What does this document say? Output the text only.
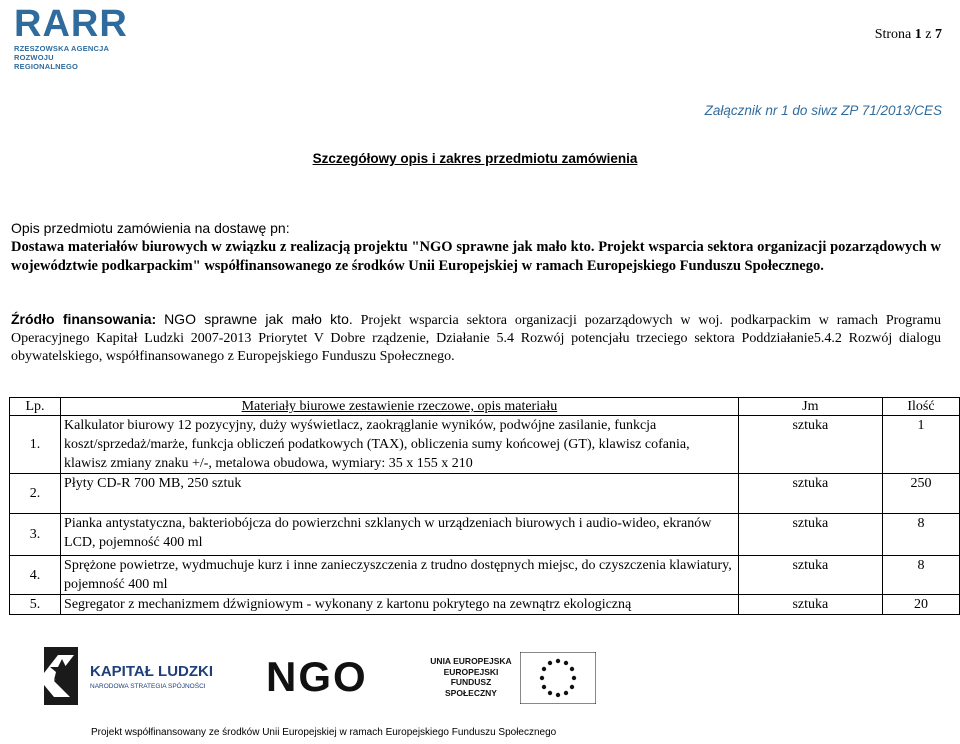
RARR
RZESZOWSKA AGENCJA
ROZWOJU REGIONALNEGO
Strona 1 z 7
Załącznik nr 1 do siwz ZP 71/2013/CES
Szczegółowy opis i zakres przedmiotu zamówienia
Opis przedmiotu zamówienia na dostawę pn:
Dostawa materiałów biurowych w związku z realizacją projektu "NGO sprawne jak mało kto. Projekt wsparcia sektora organizacji pozarządowych w województwie podkarpackim" współfinansowanego ze środków Unii Europejskiej w ramach Europejskiego Funduszu Społecznego.
Źródło finansowania: NGO sprawne jak mało kto. Projekt wsparcia sektora organizacji pozarządowych w woj. podkarpackim w ramach Programu Operacyjnego Kapitał Ludzki 2007-2013 Priorytet V Dobre rządzenie, Działanie 5.4 Rozwój potencjału trzeciego sektora Poddziałanie5.4.2 Rozwój dialogu obywatelskiego, współfinansowanego z Europejskiego Funduszu Społecznego.
Lp.	Materiały biurowe zestawienie rzeczowe, opis materiału	Jm	Ilość
1.	Kalkulator biurowy 12 pozycyjny, duży wyświetlacz, zaokrąglanie wyników, podwójne zasilanie, funkcja koszt/sprzedaż/marże, funkcja obliczeń podatkowych (TAX), obliczenia sumy końcowej (GT), klawisz cofania, klawisz zmiany znaku +/-, metalowa obudowa, wymiary: 35 x 155 x 210	sztuka	1
2.	Płyty CD-R 700 MB, 250 sztuk	sztuka	250
3.	Pianka antystatyczna, bakteriobójcza do powierzchni szklanych w urządzeniach biurowych i audio-wideo, ekranów LCD, pojemność 400 ml	sztuka	8
4.	Sprężone powietrze, wydmuchuje kurz i inne zanieczyszczenia z trudno dostępnych miejsc, do czyszczenia klawiatury, pojemność 400 ml	sztuka	8
5.	Segregator z mechanizmem dźwigniowym - wykonany z kartonu pokrytego na zewnątrz ekologiczną	sztuka	20
KAPITAŁ LUDZKI
NARODOWA STRATEGIA SPÓJNOŚCI NGO	UNIA EUROPEJSKA
EUROPEJSKI
FUNDUSZ SPOŁECZNY
Projekt współfinansowany ze środków Unii Europejskiej w ramach Europejskiego Funduszu Społecznego
